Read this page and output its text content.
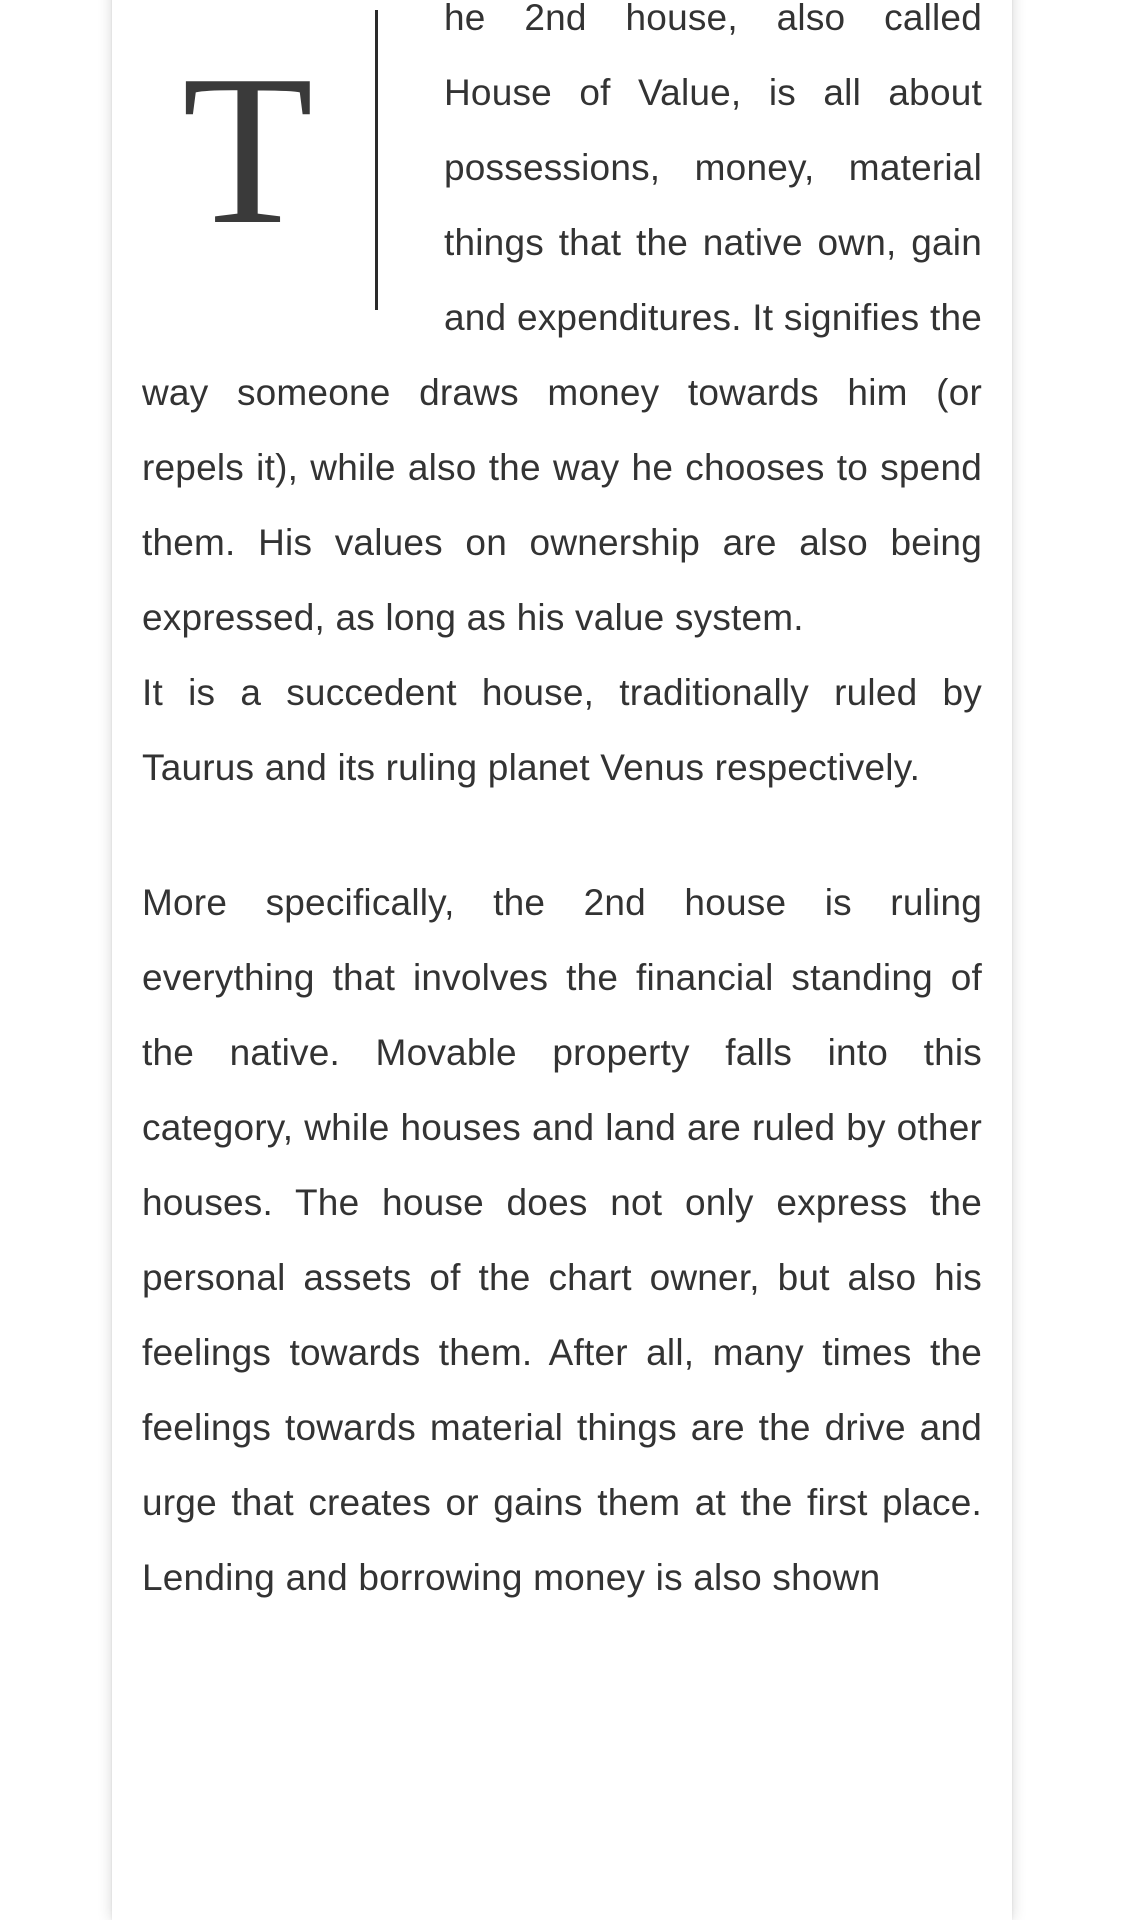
T
he 2nd house, also called House of Value, is all about possessions, money, material things that the native own, gain and expenditures. It signifies the way someone draws money towards him (or repels it), while also the way he chooses to spend them. His values on ownership are also being expressed, as long as his value system.

It is a succedent house, traditionally ruled by Taurus and its ruling planet Venus respectively.

More specifically, the 2nd house is ruling everything that involves the financial standing of the native. Movable property falls into this category, while houses and land are ruled by other houses. The house does not only express the personal assets of the chart owner, but also his feelings towards them. After all, many times the feelings towards material things are the drive and urge that creates or gains them at the first place. Lending and borrowing money is also shown
